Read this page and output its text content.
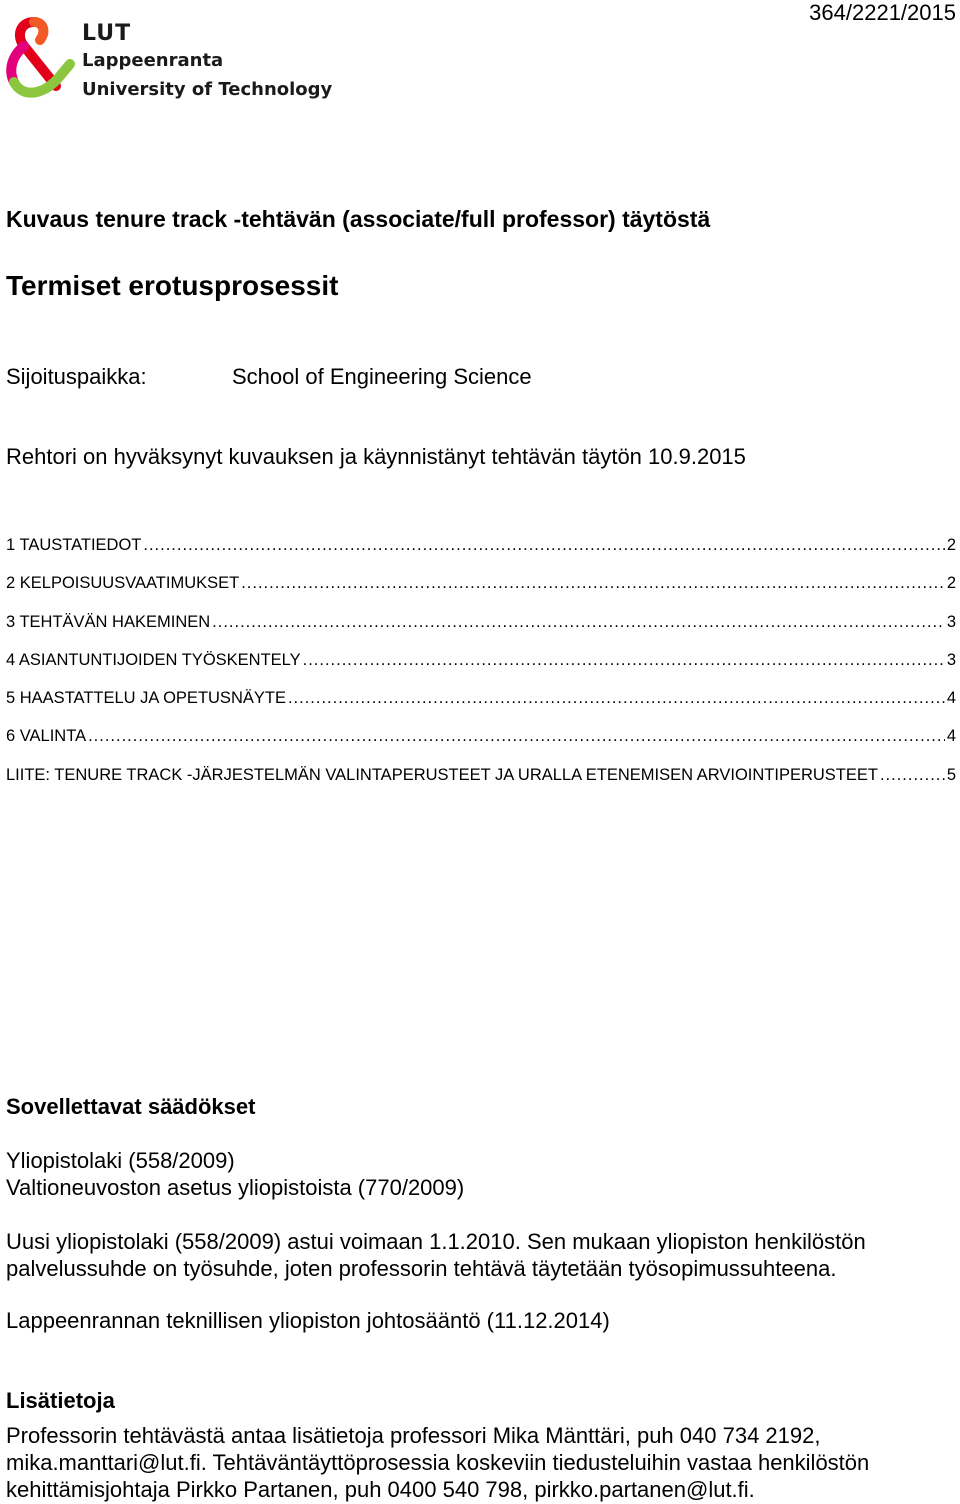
364/2221/2015
LUT
Lappeenranta
University of Technology
Kuvaus tenure track -tehtävän (associate/full professor) täytöstä
Termiset erotusprosessit
Sijoituspaikka:	School of Engineering Science
Rehtori on hyväksynyt kuvauksen ja käynnistänyt tehtävän täytön 10.9.2015
1 TAUSTATIEDOT .....	2
2 KELPOISUUSVAATIMUKSET .....	2
3 TEHTÄVÄN HAKEMINEN .....	3
4 ASIANTUNTIJOIDEN TYÖSKENTELY .....	3
5 HAASTATTELU JA OPETUSNÄYTE .....	4
6 VALINTA .....	4
LIITE: TENURE TRACK -JÄRJESTELMÄN VALINTAPERUSTEET JA URALLA ETENEMISEN ARVIOINTIPERUSTEET .....	5
Sovellettavat säädökset
Yliopistolaki (558/2009)
Valtioneuvoston asetus yliopistoista (770/2009)
Uusi yliopistolaki (558/2009) astui voimaan 1.1.2010. Sen mukaan yliopiston henkilöstön palvelussuhde on työsuhde, joten professorin tehtävä täytetään työsopimussuhteena.
Lappeenrannan teknillisen yliopiston johtosääntö (11.12.2014)
Lisätietoja
Professorin tehtävästä antaa lisätietoja professori Mika Mänttäri, puh 040 734 2192, mika.manttari@lut.fi. Tehtäväntäyttöprosessia koskeviin tiedusteluihin vastaa henkilöstön kehittämisjohtaja Pirkko Partanen, puh 0400 540 798, pirkko.partanen@lut.fi.
